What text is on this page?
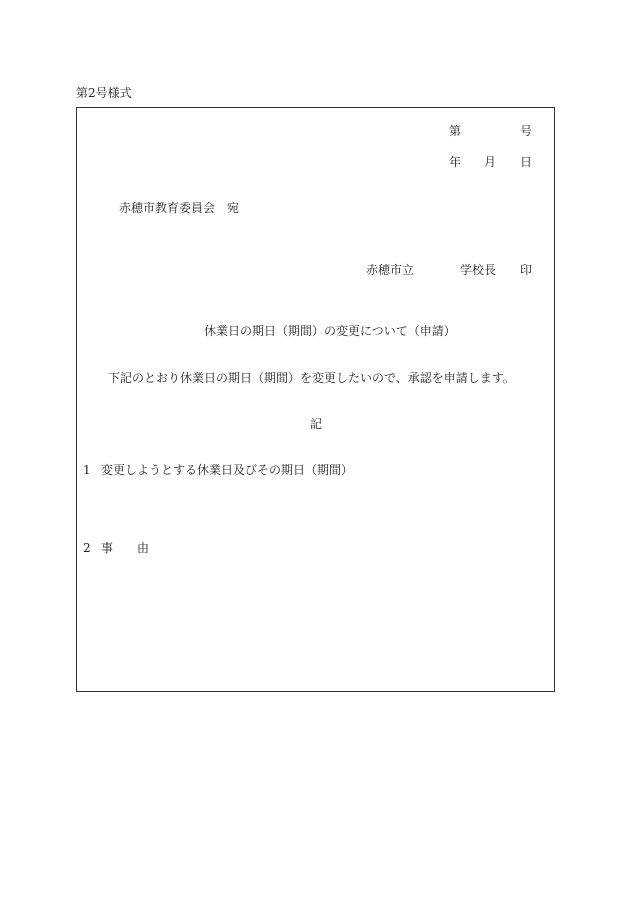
第2号様式
第	号
年 月 日
赤穂市教育委員会　宛
赤穂市立	学校長 印
休業日の期日（期間）の変更について（申請）
下記のとおり休業日の期日（期間）を変更したいので、承認を申請します。
記
1 変更しようとする休業日及びその期日（期間）
2 事　　由
